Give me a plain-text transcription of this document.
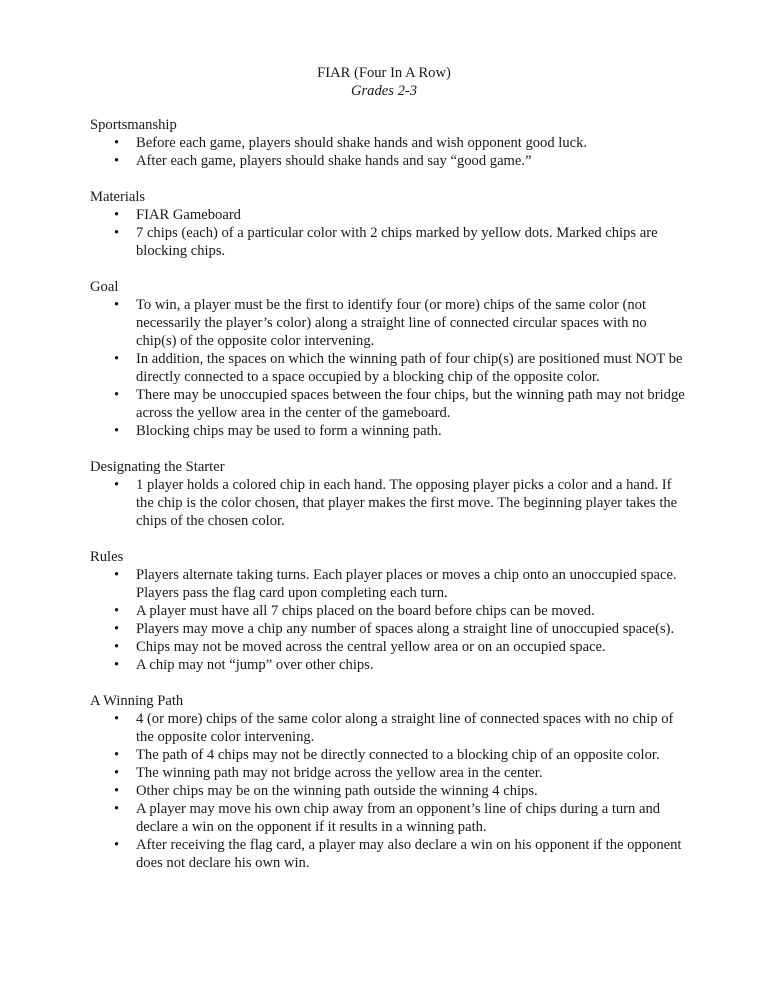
FIAR (Four In A Row)
Grades 2-3
Sportsmanship
• Before each game, players should shake hands and wish opponent good luck.
• After each game, players should shake hands and say “good game.”
Materials
• FIAR Gameboard
• 7 chips (each) of a particular color with 2 chips marked by yellow dots. Marked chips are blocking chips.
Goal
• To win, a player must be the first to identify four (or more) chips of the same color (not necessarily the player’s color) along a straight line of connected circular spaces with no chip(s) of the opposite color intervening.
• In addition, the spaces on which the winning path of four chip(s) are positioned must NOT be directly connected to a space occupied by a blocking chip of the opposite color.
• There may be unoccupied spaces between the four chips, but the winning path may not bridge across the yellow area in the center of the gameboard.
• Blocking chips may be used to form a winning path.
Designating the Starter
• 1 player holds a colored chip in each hand. The opposing player picks a color and a hand. If the chip is the color chosen, that player makes the first move. The beginning player takes the chips of the chosen color.
Rules
• Players alternate taking turns. Each player places or moves a chip onto an unoccupied space. Players pass the flag card upon completing each turn.
• A player must have all 7 chips placed on the board before chips can be moved.
• Players may move a chip any number of spaces along a straight line of unoccupied space(s).
• Chips may not be moved across the central yellow area or on an occupied space.
• A chip may not “jump” over other chips.
A Winning Path
• 4 (or more) chips of the same color along a straight line of connected spaces with no chip of the opposite color intervening.
• The path of 4 chips may not be directly connected to a blocking chip of an opposite color.
• The winning path may not bridge across the yellow area in the center.
• Other chips may be on the winning path outside the winning 4 chips.
• A player may move his own chip away from an opponent’s line of chips during a turn and declare a win on the opponent if it results in a winning path.
• After receiving the flag card, a player may also declare a win on his opponent if the opponent does not declare his own win.
